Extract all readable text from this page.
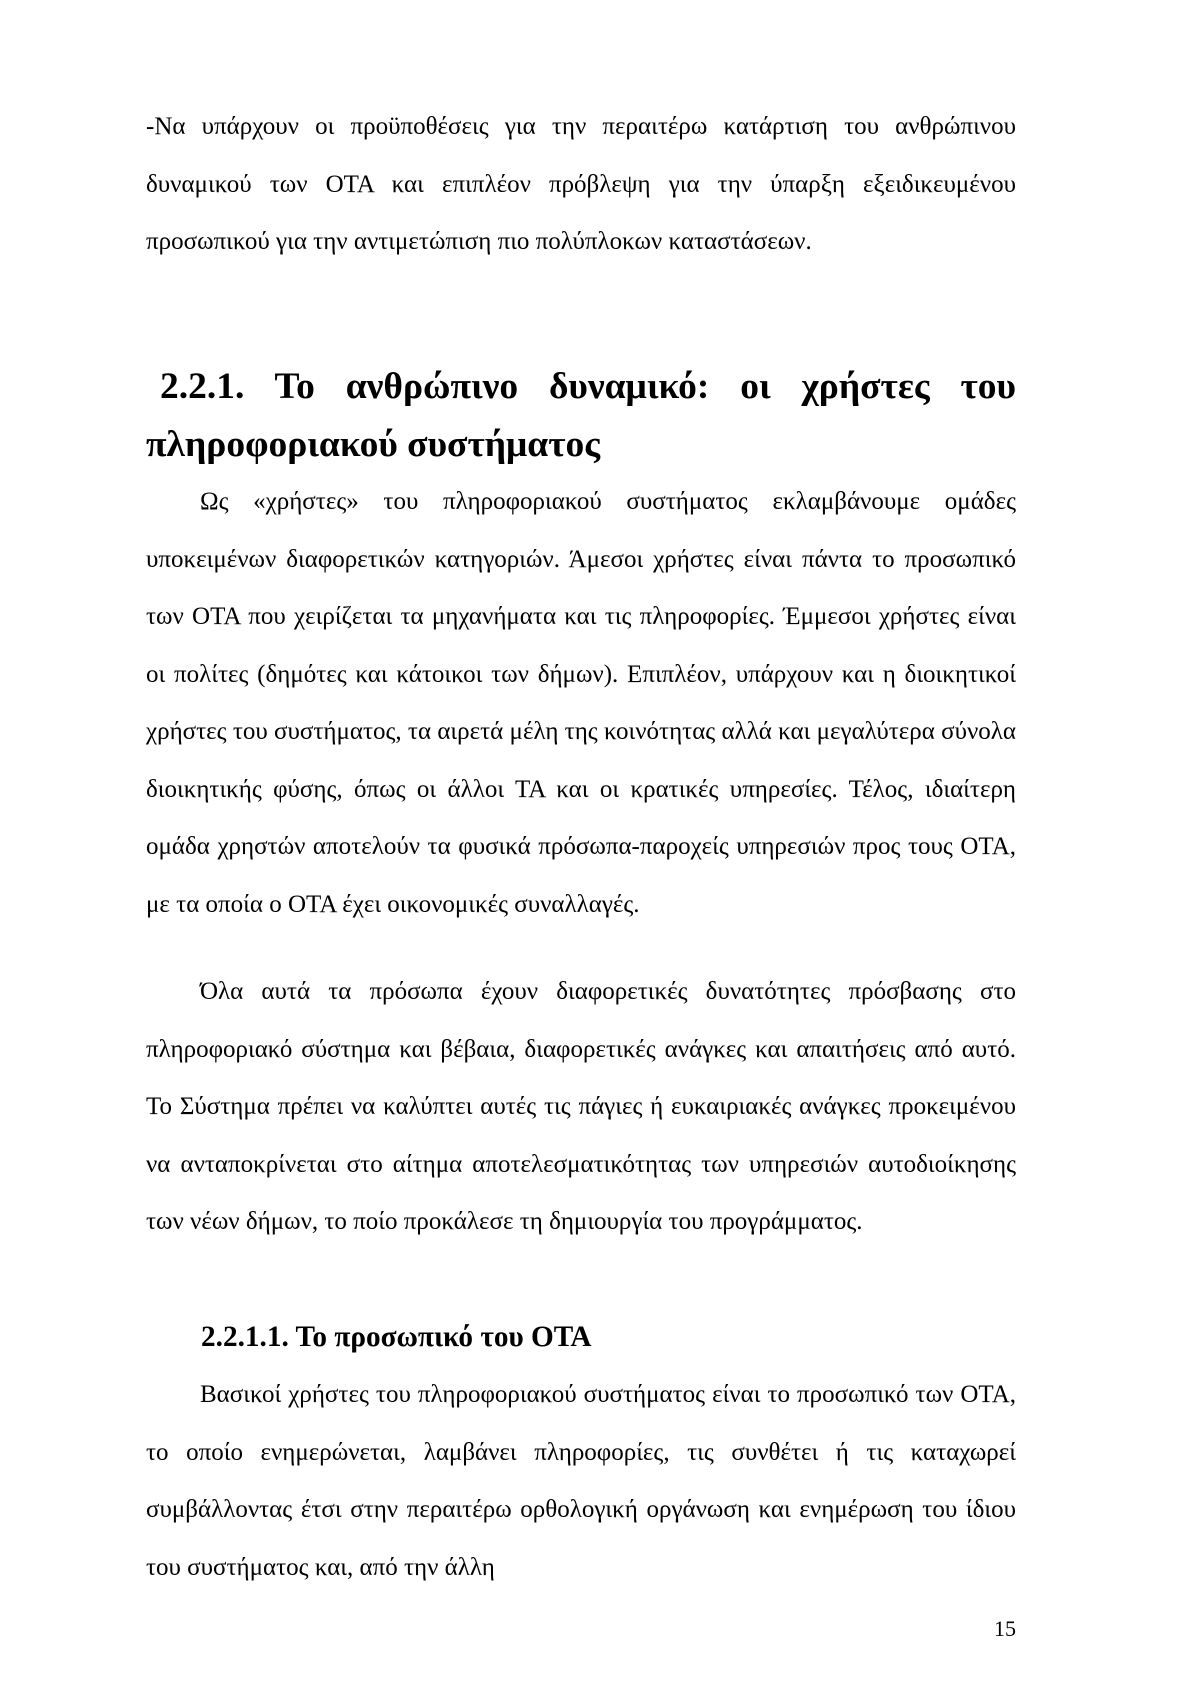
-Να υπάρχουν οι προϋποθέσεις για την περαιτέρω κατάρτιση του ανθρώπινου δυναμικού των ΟΤΑ και επιπλέον πρόβλεψη για την ύπαρξη εξειδικευμένου προσωπικού για την αντιμετώπιση πιο πολύπλοκων καταστάσεων.

2.2.1. Το ανθρώπινο δυναμικό: οι χρήστες του πληροφοριακού συστήματος

Ως «χρήστες» του πληροφοριακού συστήματος εκλαμβάνουμε ομάδες υποκειμένων διαφορετικών κατηγοριών. Άμεσοι χρήστες είναι πάντα το προσωπικό των ΟΤΑ που χειρίζεται τα μηχανήματα και τις πληροφορίες. Έμμεσοι χρήστες είναι οι πολίτες (δημότες και κάτοικοι των δήμων). Επιπλέον, υπάρχουν και η διοικητικοί χρήστες του συστήματος, τα αιρετά μέλη της κοινότητας αλλά και μεγαλύτερα σύνολα διοικητικής φύσης, όπως οι άλλοι ΤΑ και οι κρατικές υπηρεσίες. Τέλος, ιδιαίτερη ομάδα χρηστών αποτελούν τα φυσικά πρόσωπα-παροχείς υπηρεσιών προς τους ΟΤΑ, με τα οποία ο ΟΤΑ έχει οικονομικές συναλλαγές.

Όλα αυτά τα πρόσωπα έχουν διαφορετικές δυνατότητες πρόσβασης στο πληροφοριακό σύστημα και βέβαια, διαφορετικές ανάγκες και απαιτήσεις από αυτό. Το Σύστημα πρέπει να καλύπτει αυτές τις πάγιες ή ευκαιριακές ανάγκες προκειμένου να ανταποκρίνεται στο αίτημα αποτελεσματικότητας των υπηρεσιών αυτοδιοίκησης των νέων δήμων, το ποίο προκάλεσε τη δημιουργία του προγράμματος.

2.2.1.1. Το προσωπικό του ΟΤΑ

Βασικοί χρήστες του πληροφοριακού συστήματος είναι το προσωπικό των ΟΤΑ, το οποίο ενημερώνεται, λαμβάνει πληροφορίες, τις συνθέτει ή τις καταχωρεί συμβάλλοντας έτσι στην περαιτέρω ορθολογική οργάνωση και ενημέρωση του ίδιου του συστήματος και, από την άλλη

15
